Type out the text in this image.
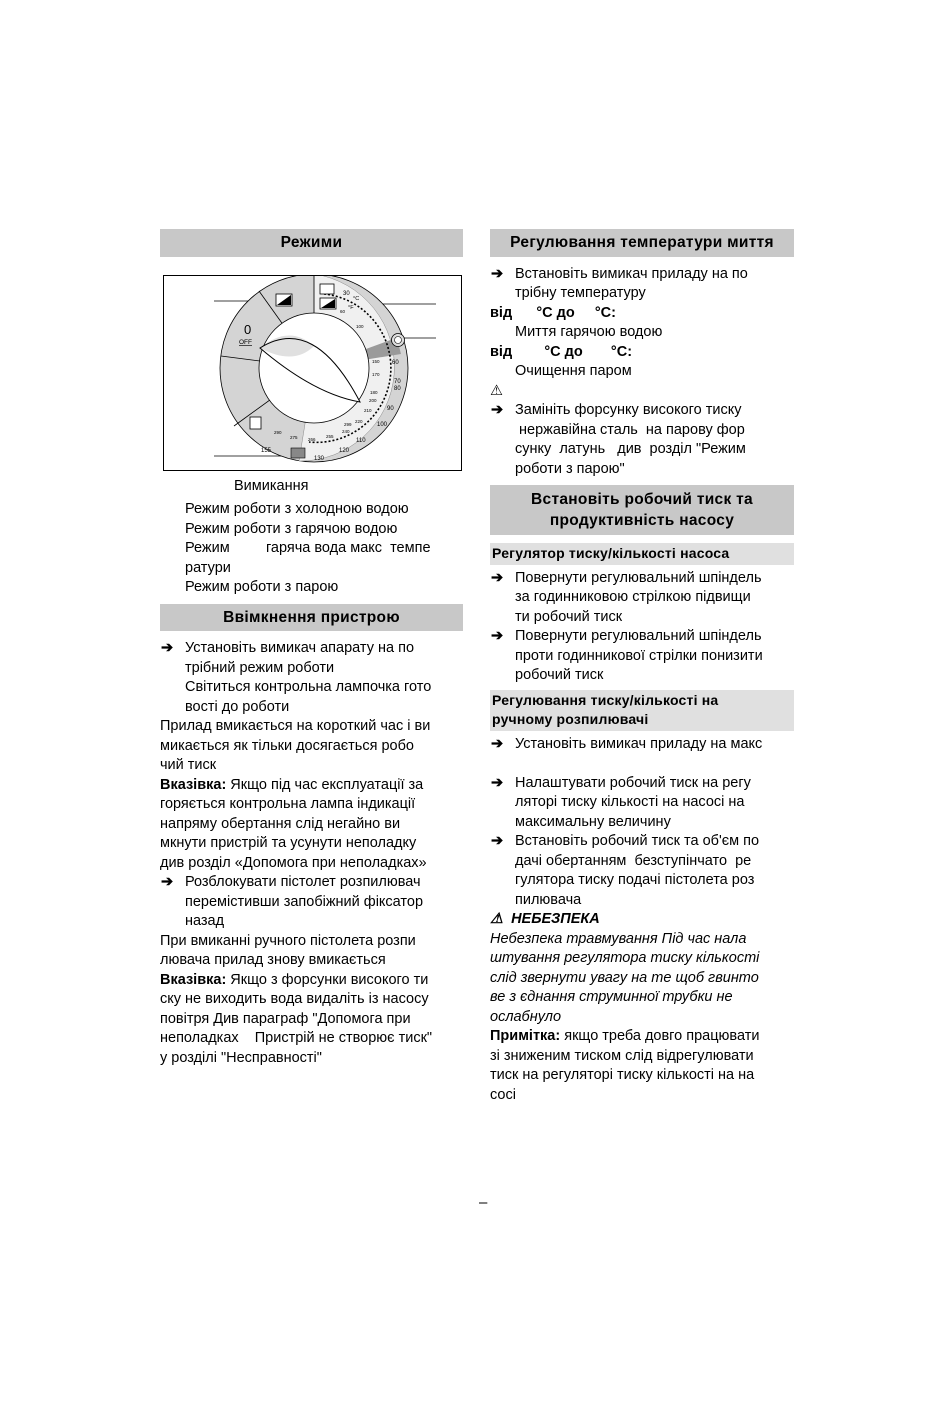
Режими
0
OFF
°C
°F
30
60
100
150
170
180
200
210
220
240
255
266
275
290
299
155
60
70
80
90
100
110
120
130
Вимикання
Режим роботи з холодною водою
Режим роботи з гарячою водою
Режим         гаряча вода макс  темпе
ратури
Режим роботи з парою
Ввімкнення пристрою
➔ Установіть вимикач апарату на по
трібний режим роботи
Світиться контрольна лампочка гото
вості до роботи
Прилад вмикається на короткий час і ви
микається як тільки досягається робо
чий тиск
Вказівка: Якщо під час експлуатації за
горяється контрольна лампа індикації
напряму обертання слід негайно ви
мкнути пристрій та усунути неполадку
див розділ «Допомога при неполадках»
➔ Розблокувати пістолет розпилювач
перемістивши запобіжний фіксатор
назад
При вмиканні ручного пістолета розпи
лювача прилад знову вмикається
Вказівка: Якщо з форсунки високого ти
ску не виходить вода видаліть із насосу
повітря Див параграф "Допомога при
неполадках    Пристрій не створює тиск"
у розділі "Несправності"
Регулювання температури миття
➔ Встановіть вимикач приладу на по
трібну температуру
від      °C до     °C:
Миття гарячою водою
від        °C до       °C:
Очищення паром
⚠
➔ Замініть форсунку високого тиску
нержавійна сталь  на парову фор
сунку  латунь   див  розділ "Режим
роботи з парою"
Встановіть робочий тиск та
продуктивність насосу
Регулятор тиску/кількості насоса
➔ Повернути регулювальний шпіндель
за годинниковою стрілкою підвищи
ти робочий тиск
➔ Повернути регулювальний шпіндель
проти годинникової стрілки понизити
робочий тиск
Регулювання тиску/кількості на
ручному розпилювачі
➔ Установіть вимикач приладу на макс
➔ Налаштувати робочий тиск на регу
ляторі тиску кількості на насосі на
максимальну величину
➔ Встановіть робочий тиск та об'єм по
дачі обертанням  безступінчато  ре
гулятора тиску подачі пістолета роз
пилювача
⚠ НЕБЕЗПЕКА
Небезпека травмування Під час нала
штування регулятора тиску кількості
слід звернути увагу на те щоб гвинто
ве з єднання струминної трубки не
ослабнуло
Примітка: якщо треба довго працювати
зі зниженим тиском слід відрегулювати
тиск на регуляторі тиску кількості на на
сосі
–
